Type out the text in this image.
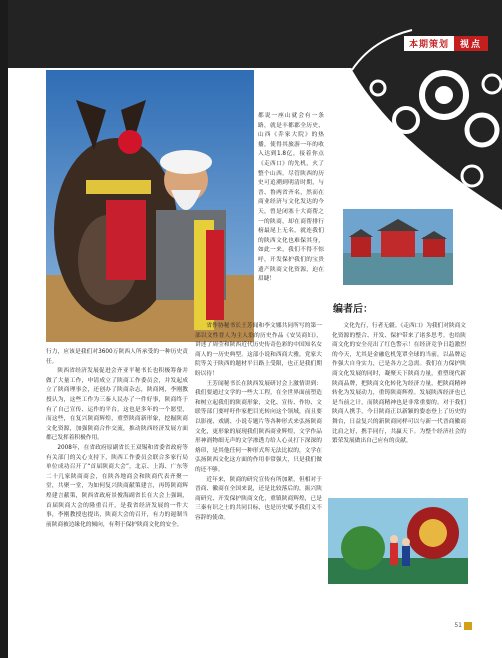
本期策划	视点
都说一座山就会有一条路，就是丰都郡全历史、山西《乔家大院》的热播，使得其旅游一年的收入达到1.8亿，接着你点《走西口》的先机，火了整个山西。尽管陕西的历史可追溯到明清时期，与晋、鲁两省齐名，然而在商业经济与文化发达的今天，曾是闭塞十大商帮之一的陕商，却在商帮排行榜最尾上无名，就连我们的陕西文化也难保其身，如此一来，我们不得不惊呼，开发保护我们的宝贵遗产陕商文化资源，迫在眉睫！
编者后：

行力，应该是我们对3600万陕西人所承受的一种历史责任。

陕西省经济发展促进会齐亚平秘书长也积极筹备并做了大量工作，申请成立了陕商工作委员会，并发起成立了陕商理事会，还创办了陕商杂志，陕商网，李刚教授认为，这些工作为三秦人民办了一件好事，陕商终于有了自己宣传、运作的平台，这也是多年的一个愿望，而这些，在复兴陕商辉煌，重塑陕商新形象，挖掘陕商文化资源，加强陕商合作交流，推动陕西经济发展方面都已发挥着积极作用。

2008年，在省政府原副省长王双锡和省委省政府等有关部门的关心支持下，陕西工作委员会联合多家行局单位成功召开了“首届陕商大会”，北京、上海、广东等二十几家陕商商会，在陕各地商会和陕商代表齐聚一堂，共聚一堂，为如何复兴陕商献策建言，再铸陕商辉煌建言献策，陕西省政府景俊海副省长在大会上强调，首届陕商大会的隆重召开，是我省经济发展的一件大事，李刚教授也提出，陕商大会的召开，有力的遏制当前陕商被边缘化的倾向，有利于保护陕商文化的安全。

省作协秘书长王芳闻和李文娜共同所写的第一部以文性晋人为主人翁的历史作品《安吴商妇》，讲述了周莹和陕西近代历史传奇色彩的中国知名女商人的一历史典型。这部小说和西商大雅，党家大院等关于陕西的题材平日路上受限，也正是我们期盼以待！

王芳闻秘书长在陕西发展研讨会上激情讲到：我们要通过文学的一些大工程，在全世界面前塑造和树立起我们的陕商形象，文化、宣传、作协、文联等部门要呼吁作家把目光转向这个领域，而且要以影视、戏剧、小说专题片等各种形式来弘扬陕商文化，更形象的展现我们陕西商业辉煌，文学作品形神润物细无声的文学渗透力给人心灵打下深深的烙印，是其他任何一种形式所无法比拟的，文学在弘扬陕西文化这方面的作用非常强大，只是我们做的还不够。

近年来，陕商的研究宣传有所加紧，但相对于晋商、徽商在全国来说，还是比较落后的，振兴陕商研究、开发保护陕商文化，重镇陕商辉煌，已是三秦有识之士的共同目标，也是历史赋予我们义不容辞的使命。

文化先行，行者无疆。《走西口》为我们对陕商文化资源的整合、开发、保护带来了诸多思考。也给陕商文化的安全亮出了红色警示！在经济竞争日趋激烈的今天，尤其是金融危机笼罩全球的当前，以品牌运作强大自身实力，已是各方之急需。我们在力保护陕商文化发展的同时，凝聚天下陕商力量，重塑现代新陕商品牌，把陕商文化转化为经济力量，把陕商精神转化为发展动力，重铸陕商辉煌。发展陕西经济也已是当前之计，而陕商精神也是非常重要的。对于我们陕商人携手，今日陕商正以新颖的姿态登上了历史的舞台，日益复兴的新陕商同样可以与新一代晋商徽商比肩之好，携手同行，共赢天下。为整个经济社会的繁荣发展做出自己应有的贡献。

51
